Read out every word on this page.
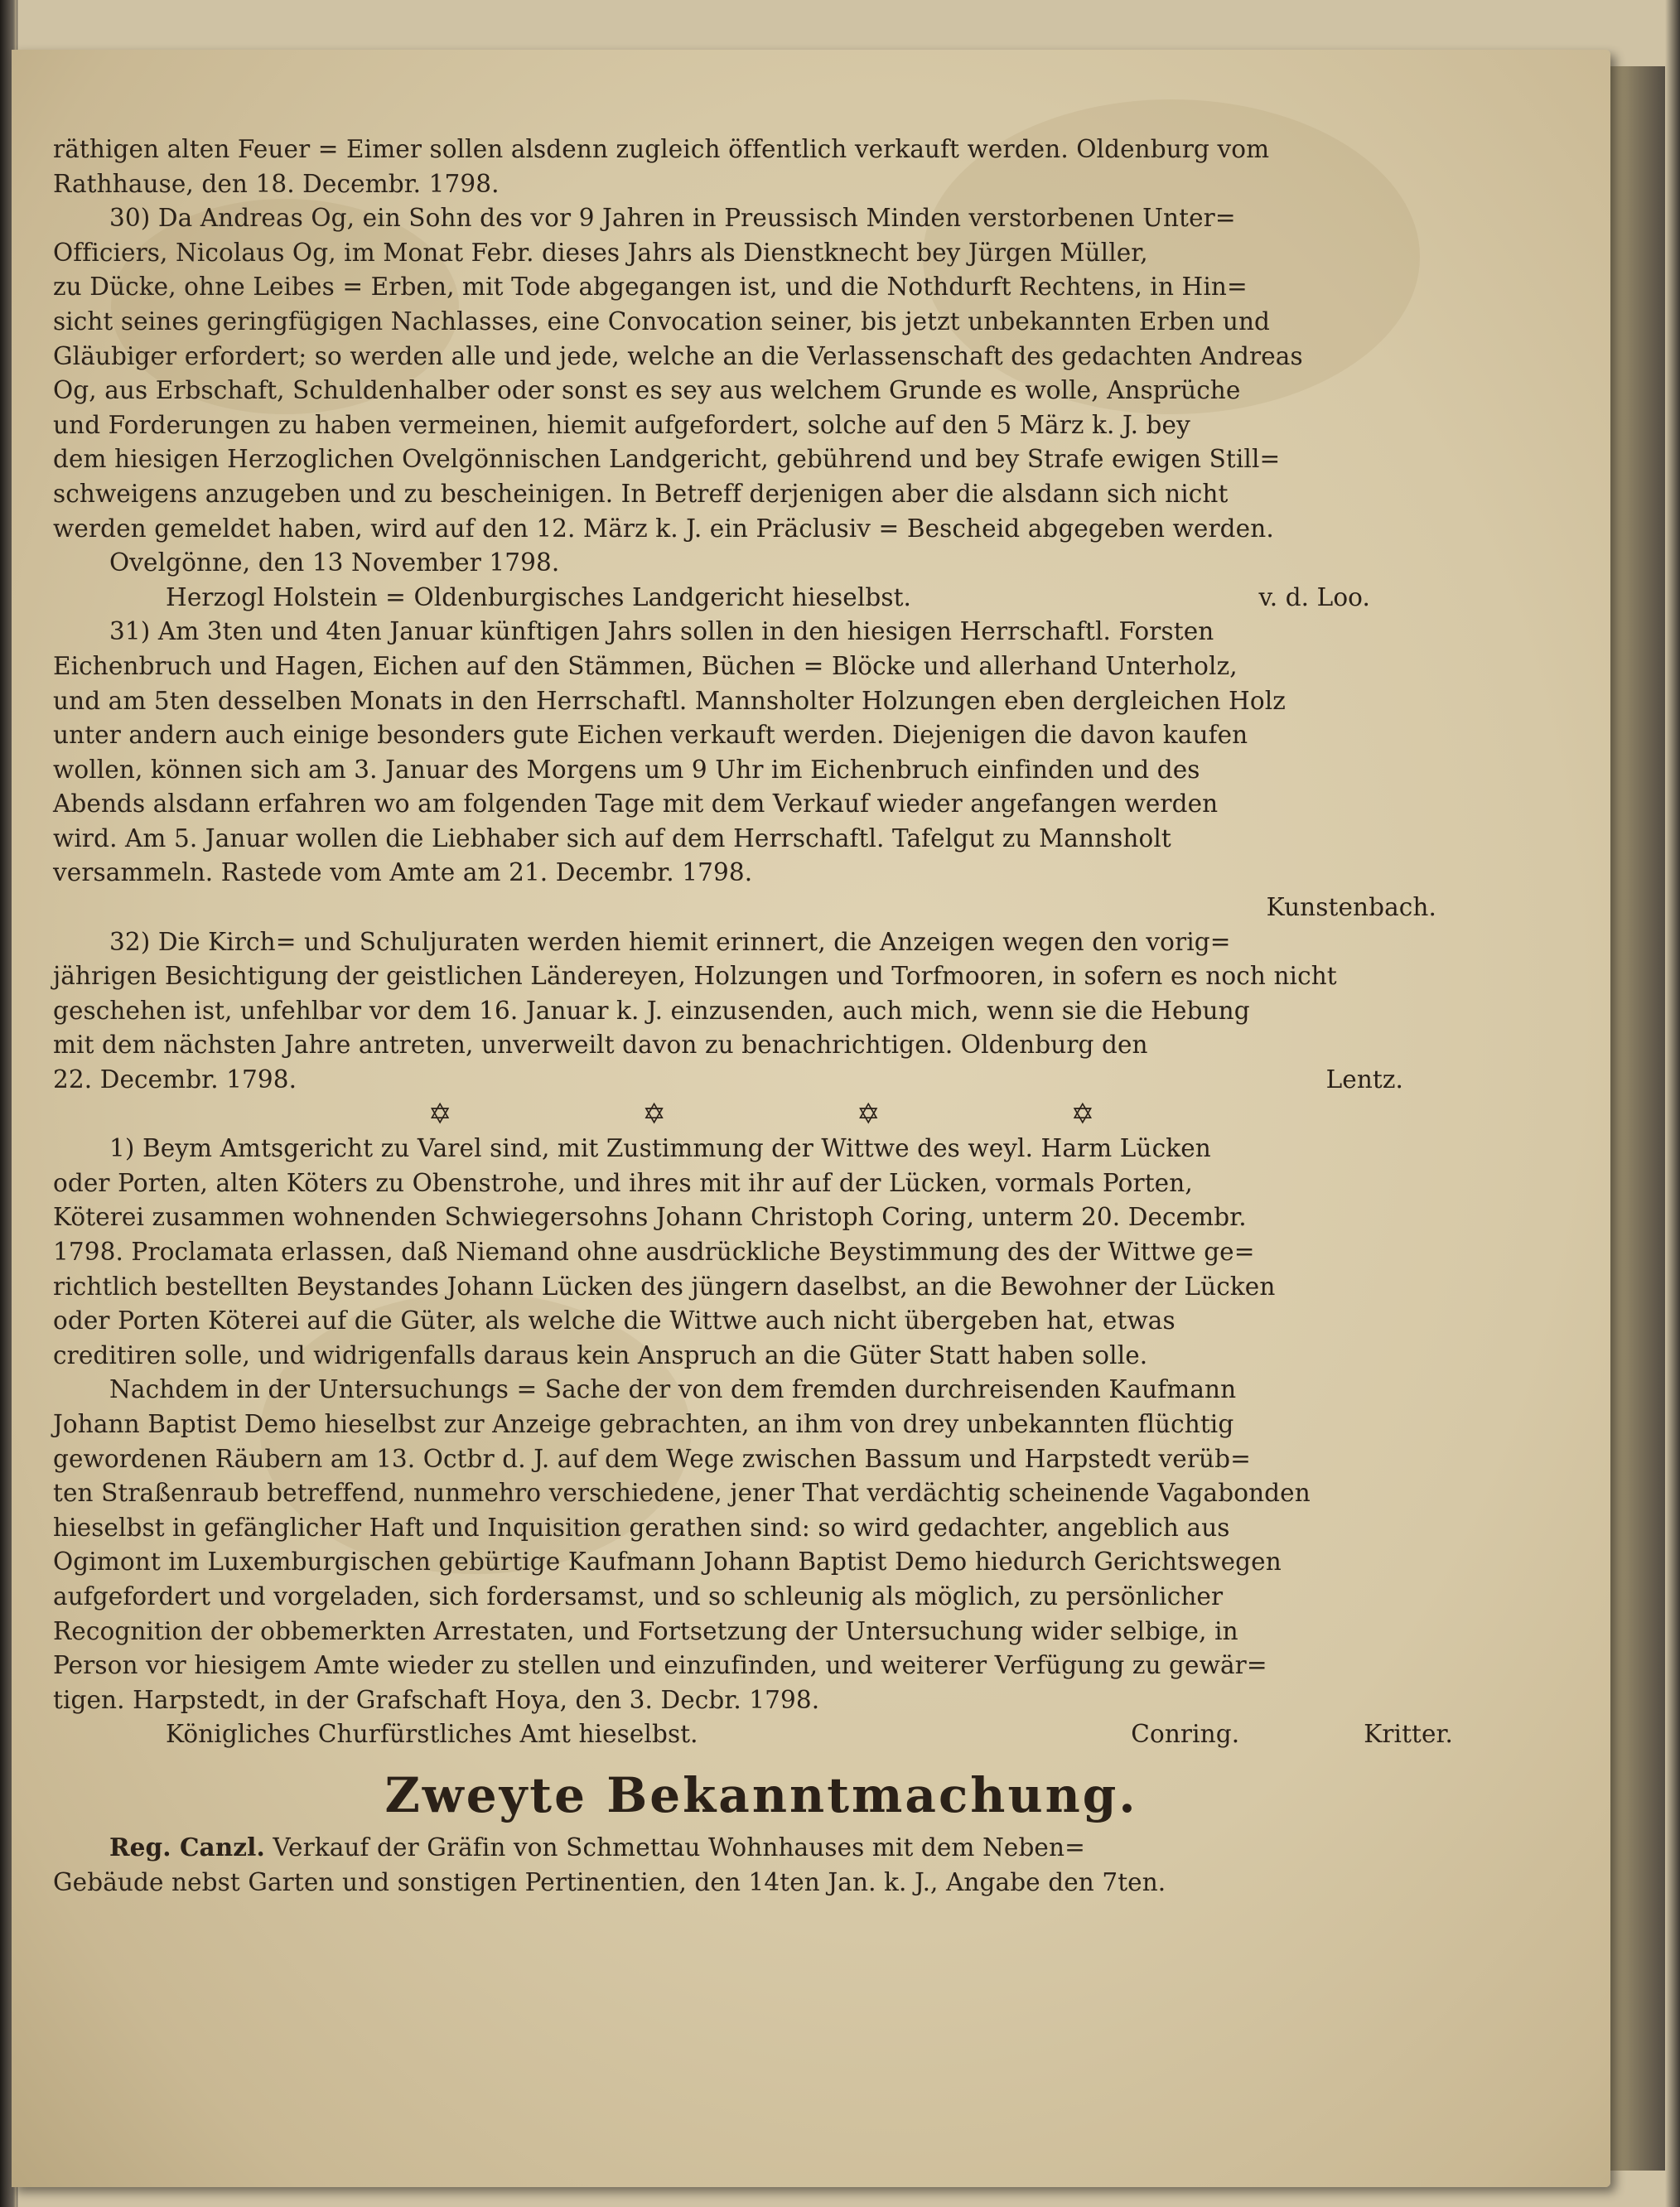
räthigen alten Feuer = Eimer sollen alsdenn zugleich öffentlich verkauft werden. Oldenburg vom

Rathhause, den 18. Decembr. 1798.

30) Da Andreas Og, ein Sohn des vor 9 Jahren in Preussisch Minden verstorbenen Unter=

Officiers, Nicolaus Og, im Monat Febr. dieses Jahrs als Dienstknecht bey Jürgen Müller,

zu Dücke, ohne Leibes = Erben, mit Tode abgegangen ist, und die Nothdurft Rechtens, in Hin=

sicht seines geringfügigen Nachlasses, eine Convocation seiner, bis jetzt unbekannten Erben und

Gläubiger erfordert; so werden alle und jede, welche an die Verlassenschaft des gedachten Andreas

Og, aus Erbschaft, Schuldenhalber oder sonst es sey aus welchem Grunde es wolle, Ansprüche

und Forderungen zu haben vermeinen, hiemit aufgefordert, solche auf den 5 März k. J. bey

dem hiesigen Herzoglichen Ovelgönnischen Landgericht, gebührend und bey Strafe ewigen Still=

schweigens anzugeben und zu bescheinigen. In Betreff derjenigen aber die alsdann sich nicht

werden gemeldet haben, wird auf den 12. März k. J. ein Präclusiv = Bescheid abgegeben werden.

Ovelgönne, den 13 November 1798.

Herzogl Holstein = Oldenburgisches Landgericht hieselbst.	v. d. Loo.

31) Am 3ten und 4ten Januar künftigen Jahrs sollen in den hiesigen Herrschaftl. Forsten

Eichenbruch und Hagen, Eichen auf den Stämmen, Büchen = Blöcke und allerhand Unterholz,

und am 5ten desselben Monats in den Herrschaftl. Mannsholter Holzungen eben dergleichen Holz

unter andern auch einige besonders gute Eichen verkauft werden. Diejenigen die davon kaufen

wollen, können sich am 3. Januar des Morgens um 9 Uhr im Eichenbruch einfinden und des

Abends alsdann erfahren wo am folgenden Tage mit dem Verkauf wieder angefangen werden

wird. Am 5. Januar wollen die Liebhaber sich auf dem Herrschaftl. Tafelgut zu Mannsholt

versammeln. Rastede vom Amte am 21. Decembr. 1798.

Kunstenbach.

32) Die Kirch= und Schuljuraten werden hiemit erinnert, die Anzeigen wegen den vorig=

jährigen Besichtigung der geistlichen Ländereyen, Holzungen und Torfmooren, in sofern es noch nicht

geschehen ist, unfehlbar vor dem 16. Januar k. J. einzusenden, auch mich, wenn sie die Hebung

mit dem nächsten Jahre antreten, unverweilt davon zu benachrichtigen. Oldenburg den

22. Decembr. 1798.	Lentz.
✡	✡	✡	✡

1) Beym Amtsgericht zu Varel sind, mit Zustimmung der Wittwe des weyl. Harm Lücken

oder Porten, alten Köters zu Obenstrohe, und ihres mit ihr auf der Lücken, vormals Porten,

Köterei zusammen wohnenden Schwiegersohns Johann Christoph Coring, unterm 20. Decembr.

1798. Proclamata erlassen, daß Niemand ohne ausdrückliche Beystimmung des der Wittwe ge=

richtlich bestellten Beystandes Johann Lücken des jüngern daselbst, an die Bewohner der Lücken

oder Porten Köterei auf die Güter, als welche die Wittwe auch nicht übergeben hat, etwas

creditiren solle, und widrigenfalls daraus kein Anspruch an die Güter Statt haben solle.

Nachdem in der Untersuchungs = Sache der von dem fremden durchreisenden Kaufmann

Johann Baptist Demo hieselbst zur Anzeige gebrachten, an ihm von drey unbekannten flüchtig

gewordenen Räubern am 13. Octbr d. J. auf dem Wege zwischen Bassum und Harpstedt verüb=

ten Straßenraub betreffend, nunmehro verschiedene, jener That verdächtig scheinende Vagabonden

hieselbst in gefänglicher Haft und Inquisition gerathen sind: so wird gedachter, angeblich aus

Ogimont im Luxemburgischen gebürtige Kaufmann Johann Baptist Demo hiedurch Gerichtswegen

aufgefordert und vorgeladen, sich fordersamst, und so schleunig als möglich, zu persönlicher

Recognition der obbemerkten Arrestaten, und Fortsetzung der Untersuchung wider selbige, in

Person vor hiesigem Amte wieder zu stellen und einzufinden, und weiterer Verfügung zu gewär=

tigen. Harpstedt, in der Grafschaft Hoya, den 3. Decbr. 1798.

Königliches Churfürstliches Amt hieselbst.	Conring.	Kritter.
Zweyte Bekanntmachung.

Reg. Canzl. Verkauf der Gräfin von Schmettau Wohnhauses mit dem Neben=

Gebäude nebst Garten und sonstigen Pertinentien, den 14ten Jan. k. J., Angabe den 7ten.
